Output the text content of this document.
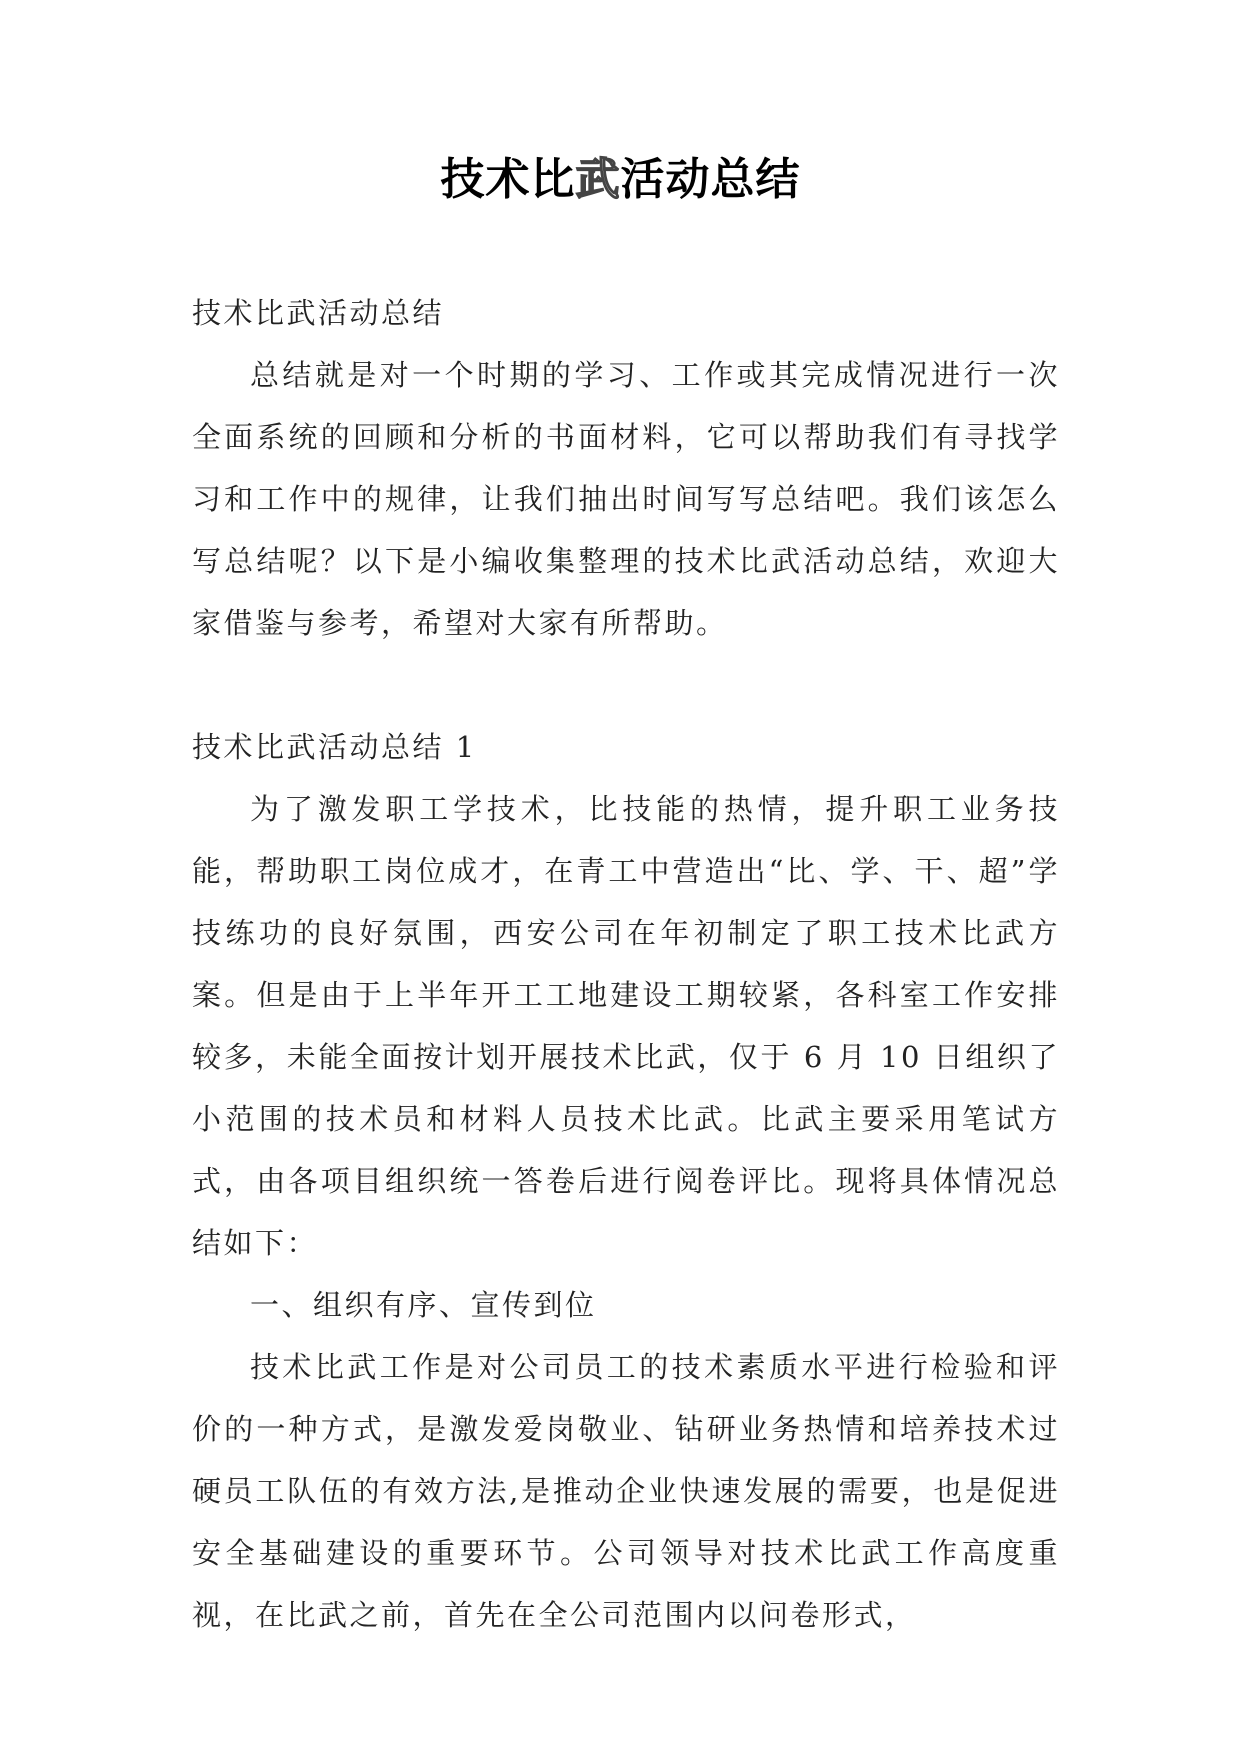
技术比武活动总结

技术比武活动总结

总结就是对一个时期的学习、工作或其完成情况进行一次全面系统的回顾和分析的书面材料，它可以帮助我们有寻找学习和工作中的规律，让我们抽出时间写写总结吧。我们该怎么写总结呢？以下是小编收集整理的技术比武活动总结，欢迎大家借鉴与参考，希望对大家有所帮助。

技术比武活动总结 1

为了激发职工学技术，比技能的热情，提升职工业务技能，帮助职工岗位成才，在青工中营造出“比、学、干、超”学技练功的良好氛围，西安公司在年初制定了职工技术比武方案。但是由于上半年开工工地建设工期较紧，各科室工作安排较多，未能全面按计划开展技术比武，仅于 6 月 10 日组织了小范围的技术员和材料人员技术比武。比武主要采用笔试方式，由各项目组织统一答卷后进行阅卷评比。现将具体情况总结如下：

一、组织有序、宣传到位

技术比武工作是对公司员工的技术素质水平进行检验和评价的一种方式，是激发爱岗敬业、钻研业务热情和培养技术过硬员工队伍的有效方法,是推动企业快速发展的需要，也是促进安全基础建设的重要环节。公司领导对技术比武工作高度重视，在比武之前，首先在全公司范围内以问卷形式，
